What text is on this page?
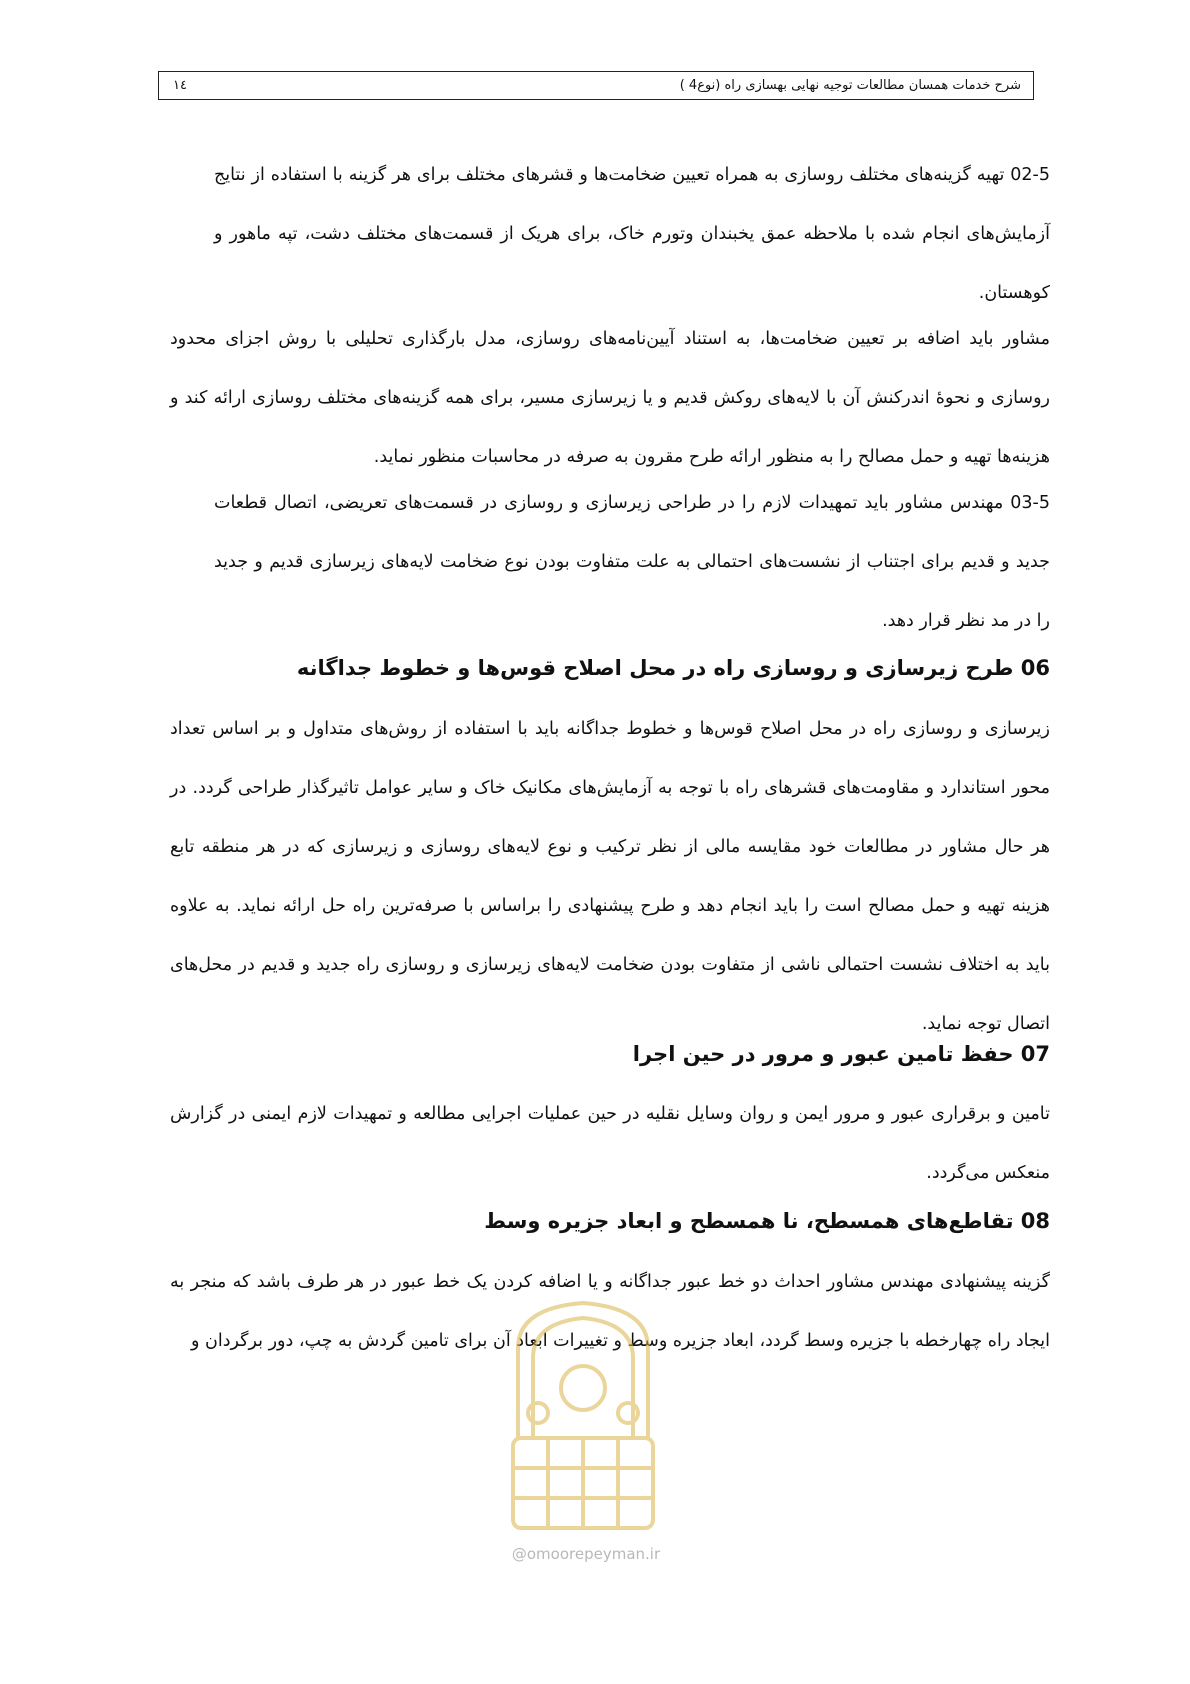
شرح خدمات همسان مطالعات توجیه نهایی بهسازی راه (نوع4 )
۱٤

02-5 تهیه گزینه‌های مختلف روسازی به همراه تعیین ضخامت‌ها و قشرهای مختلف برای هر گزینه با استفاده از نتایج آزمایش‌های انجام شده با ملاحظه عمق یخبندان وتورم خاک، برای هریک از قسمت‌های مختلف دشت، تپه ماهور و کوهستان.

مشاور باید اضافه بر تعیین ضخامت‌ها، به استناد آیین‌نامه‌های روسازی، مدل بارگذاری تحلیلی با روش اجزای محدود روسازی و نحوهٔ اندرکنش آن با لایه‌های روکش قدیم و یا زیرسازی مسیر، برای همه گزینه‌های مختلف روسازی ارائه کند و هزینه‌ها تهیه و حمل مصالح را به منظور ارائه طرح مقرون به صرفه در محاسبات منظور نماید.

03-5 مهندس مشاور باید تمهیدات لازم را در طراحی زیرسازی و روسازی در قسمت‌های تعریضی، اتصال قطعات جدید و قدیم برای اجتناب از نشست‌های احتمالی به علت متفاوت بودن نوع ضخامت لایه‌های زیرسازی قدیم و جدید را در مد نظر قرار دهد.

06 طرح زیرسازی و روسازی راه در محل اصلاح قوس‌ها و خطوط جداگانه

زیرسازی و روسازی راه در محل اصلاح قوس‌ها و خطوط جداگانه باید با استفاده از روش‌های متداول و بر اساس تعداد محور استاندارد و مقاومت‌های قشرهای راه با توجه به آزمایش‌های مکانیک خاک و سایر عوامل تاثیرگذار طراحی گردد. در هر حال مشاور در مطالعات خود مقایسه مالی از نظر ترکیب و نوع لایه‌های روسازی و زیرسازی که در هر منطقه تابع هزینه تهیه و حمل مصالح است را باید انجام دهد و طرح پیشنهادی را براساس با صرفه‌ترین راه حل ارائه نماید. به علاوه باید به اختلاف نشست احتمالی ناشی از متفاوت بودن ضخامت لایه‌های زیرسازی و روسازی راه جدید و قدیم در محل‌های اتصال توجه نماید.

07 حفظ تامین عبور و مرور در حین اجرا

تامین و برقراری عبور و مرور ایمن و روان وسایل نقلیه در حین عملیات اجرایی مطالعه و تمهیدات لازم ایمنی در گزارش منعکس می‌گردد.

08 تقاطع‌های همسطح، نا همسطح و ابعاد جزیره وسط

گزینه پیشنهادی مهندس مشاور احداث دو خط عبور جداگانه و یا اضافه کردن یک خط عبور در هر طرف باشد که منجر به ایجاد راه چهارخطه با جزیره وسط گردد، ابعاد جزیره وسط و تغییرات ابعاد آن برای تامین گردش به چپ، دور برگردان و

@omoorepeyman.ir
